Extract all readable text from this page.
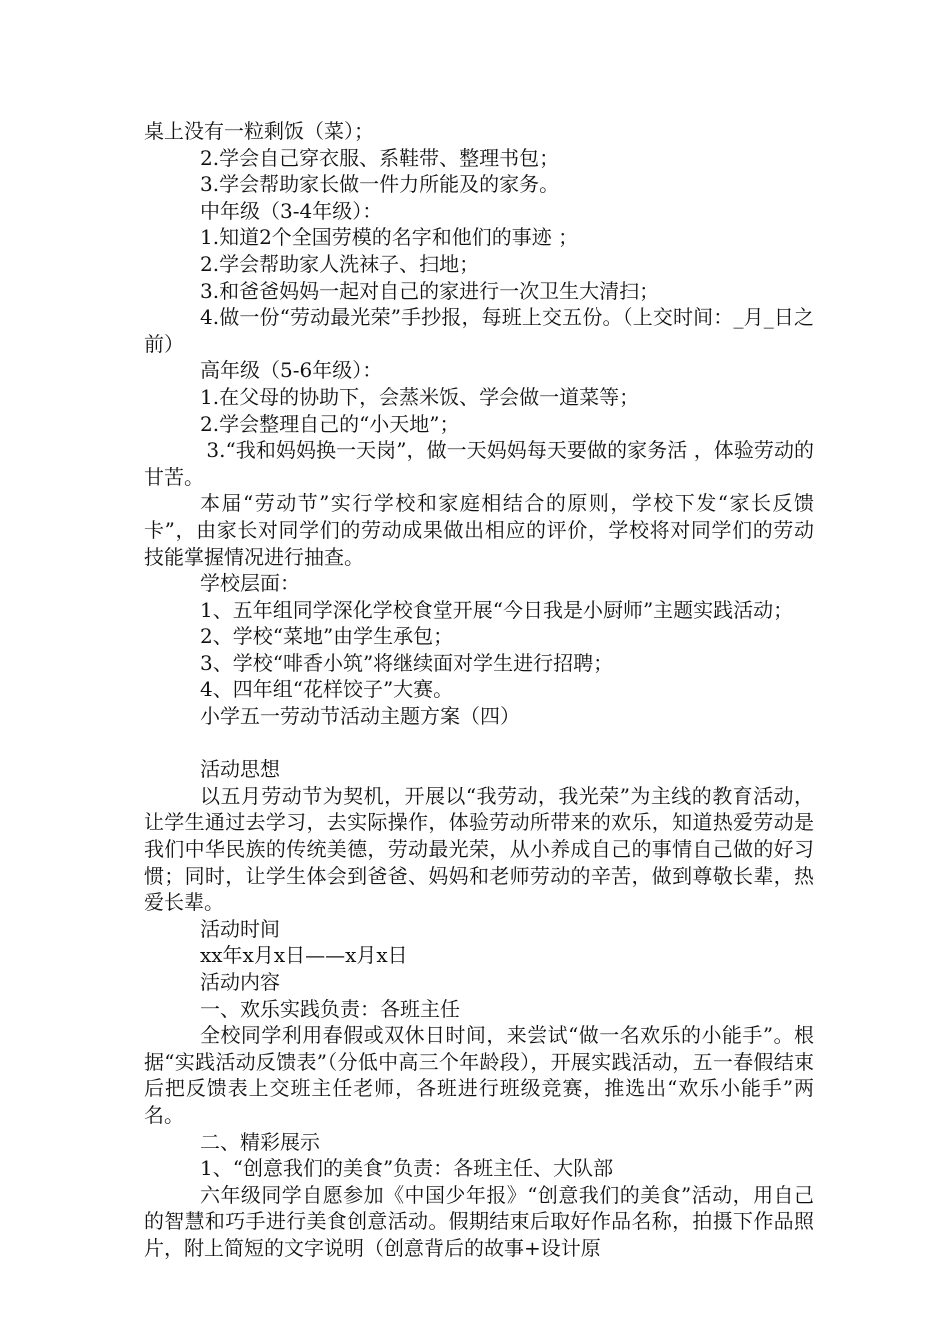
桌上没有一粒剩饭（菜）；

2.学会自己穿衣服、系鞋带、整理书包；

3.学会帮助家长做一件力所能及的家务。

中年级（3-4年级）：

1.知道2个全国劳模的名字和他们的事迹 ；

2.学会帮助家人洗袜子、扫地；

3.和爸爸妈妈一起对自己的家进行一次卫生大清扫；

4.做一份“劳动最光荣”手抄报，每班上交五份。（上交时间：_月_日之前）

高年级（5-6年级）：

1.在父母的协助下，会蒸米饭、学会做一道菜等；

2.学会整理自己的“小天地”；

3.“我和妈妈换一天岗”，做一天妈妈每天要做的家务活 ，体验劳动的甘苦。

本届“劳动节”实行学校和家庭相结合的原则，学校下发“家长反馈卡”，由家长对同学们的劳动成果做出相应的评价，学校将对同学们的劳动技能掌握情况进行抽查。

学校层面：

1、五年组同学深化学校食堂开展“今日我是小厨师”主题实践活动；

2、学校“菜地”由学生承包；

3、学校“啡香小筑”将继续面对学生进行招聘；

4、四年组“花样饺子”大赛。

小学五一劳动节活动主题方案（四）

活动思想

以五月劳动节为契机，开展以“我劳动，我光荣”为主线的教育活动，让学生通过去学习，去实际操作，体验劳动所带来的欢乐，知道热爱劳动是我们中华民族的传统美德，劳动最光荣，从小养成自己的事情自己做的好习惯；同时，让学生体会到爸爸、妈妈和老师劳动的辛苦，做到尊敬长辈，热爱长辈。

活动时间

xx年x月x日——x月x日

活动内容

一、欢乐实践负责：各班主任

全校同学利用春假或双休日时间，来尝试“做一名欢乐的小能手”。根据“实践活动反馈表”（分低中高三个年龄段），开展实践活动，五一春假结束后把反馈表上交班主任老师，各班进行班级竞赛，推选出“欢乐小能手”两名。

二、精彩展示

1、“创意我们的美食”负责：各班主任、大队部

六年级同学自愿参加《中国少年报》“创意我们的美食”活动，用自己的智慧和巧手进行美食创意活动。假期结束后取好作品名称，拍摄下作品照片，附上简短的文字说明（创意背后的故事+设计原
